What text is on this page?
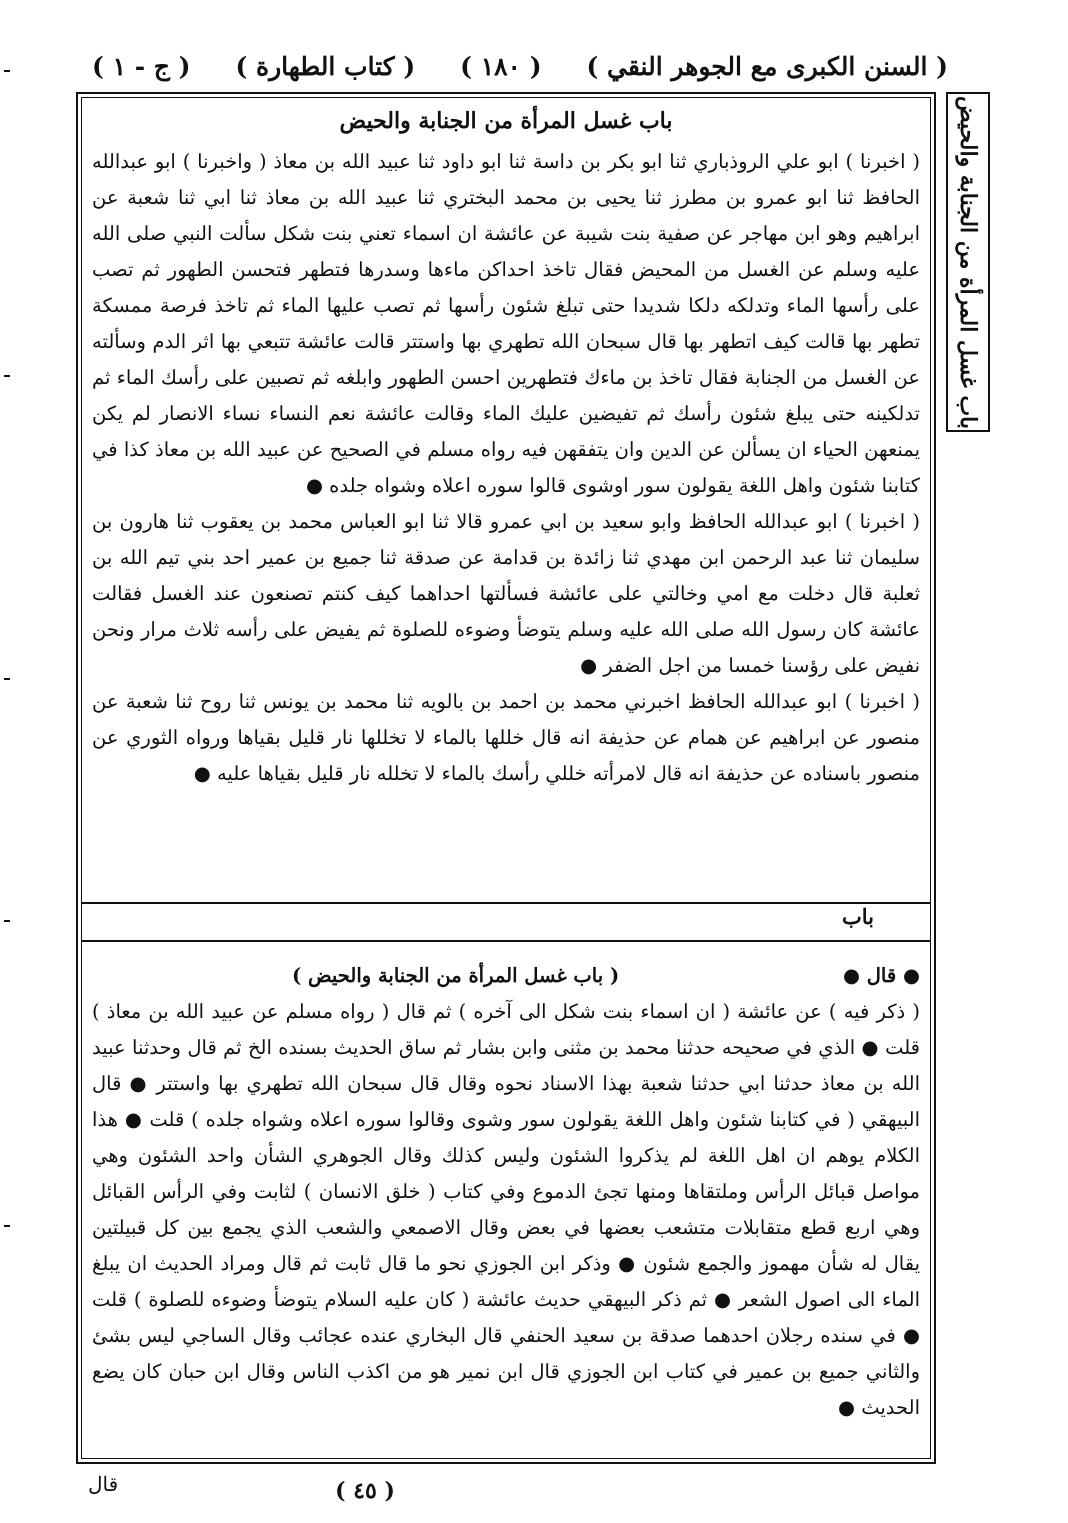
( السنن الكبرى مع الجوهر النقي )
( ١٨٠ )
( كتاب الطهارة )
( ج - ١ )
باب غسل المرأة من الجنابة والحيض
باب غسل المرأة من الجنابة والحيض

( اخبرنا ) ابو علي الروذباري ثنا ابو بكر بن داسة ثنا ابو داود ثنا عبيد الله بن معاذ ( واخبرنا ) ابو عبدالله الحافظ ثنا ابو عمرو بن مطرز ثنا يحيى بن محمد البختري ثنا عبيد الله بن معاذ ثنا ابي ثنا شعبة عن ابراهيم وهو ابن مهاجر عن صفية بنت شيبة عن عائشة ان اسماء تعني بنت شكل سألت النبي صلى الله عليه وسلم عن الغسل من المحيض فقال تاخذ احداكن ماءها وسدرها فتطهر فتحسن الطهور ثم تصب على رأسها الماء وتدلكه دلكا شديدا حتى تبلغ شئون رأسها ثم تصب عليها الماء ثم تاخذ فرصة ممسكة تطهر بها قالت كيف اتطهر بها قال سبحان الله تطهري بها واستتر قالت عائشة تتبعي بها اثر الدم وسألته عن الغسل من الجنابة فقال تاخذ بن ماءك فتطهرين احسن الطهور وابلغه ثم تصبين على رأسك الماء ثم تدلكينه حتى يبلغ شئون رأسك ثم تفيضين عليك الماء وقالت عائشة نعم النساء نساء الانصار لم يكن يمنعهن الحياء ان يسألن عن الدين وان يتفقهن فيه رواه مسلم في الصحيح عن عبيد الله بن معاذ كذا في كتابنا شئون واهل اللغة يقولون سور اوشوى قالوا سوره اعلاه وشواه جلده ●

( اخبرنا ) ابو عبدالله الحافظ وابو سعيد بن ابي عمرو قالا ثنا ابو العباس محمد بن يعقوب ثنا هارون بن سليمان ثنا عبد الرحمن ابن مهدي ثنا زائدة بن قدامة عن صدقة ثنا جميع بن عمير احد بني تيم الله بن ثعلبة قال دخلت مع امي وخالتي على عائشة فسألتها احداهما كيف كنتم تصنعون عند الغسل فقالت عائشة كان رسول الله صلى الله عليه وسلم يتوضأ وضوءه للصلوة ثم يفيض على رأسه ثلاث مرار ونحن نفيض على رؤسنا خمسا من اجل الضفر ●

( اخبرنا ) ابو عبدالله الحافظ اخبرني محمد بن احمد بن بالويه ثنا محمد بن يونس ثنا روح ثنا شعبة عن منصور عن ابراهيم عن همام عن حذيفة انه قال خللها بالماء لا تخللها نار قليل بقياها ورواه الثوري عن منصور باسناده عن حذيفة انه قال لامرأته خللي رأسك بالماء لا تخلله نار قليل بقياها عليه ●

باب
● قال ●
( باب غسل المرأة من الجنابة والحيض )

( ذكر فيه ) عن عائشة ( ان اسماء بنت شكل الى آخره ) ثم قال ( رواه مسلم عن عبيد الله بن معاذ ) قلت ● الذي في صحيحه حدثنا محمد بن مثنى وابن بشار ثم ساق الحديث بسنده الخ ثم قال وحدثنا عبيد الله بن معاذ حدثنا ابي حدثنا شعبة بهذا الاسناد نحوه وقال قال سبحان الله تطهري بها واستتر ● قال البيهقي ( في كتابنا شئون واهل اللغة يقولون سور وشوى وقالوا سوره اعلاه وشواه جلده ) قلت ● هذا الكلام يوهم ان اهل اللغة لم يذكروا الشئون وليس كذلك وقال الجوهري الشأن واحد الشئون وهي مواصل قبائل الرأس وملتقاها ومنها تجئ الدموع وفي كتاب ( خلق الانسان ) لثابت وفي الرأس القبائل وهي اربع قطع متقابلات متشعب بعضها في بعض وقال الاصمعي والشعب الذي يجمع بين كل قبيلتين يقال له شأن مهموز والجمع شئون ● وذكر ابن الجوزي نحو ما قال ثابت ثم قال ومراد الحديث ان يبلغ الماء الى اصول الشعر ● ثم ذكر البيهقي حديث عائشة ( كان عليه السلام يتوضأ وضوءه للصلوة ) قلت ● في سنده رجلان احدهما صدقة بن سعيد الحنفي قال البخاري عنده عجائب وقال الساجي ليس بشئ والثاني جميع بن عمير في كتاب ابن الجوزي قال ابن نمير هو من اكذب الناس وقال ابن حبان كان يضع الحديث ●

( ٤٥ )
قال
